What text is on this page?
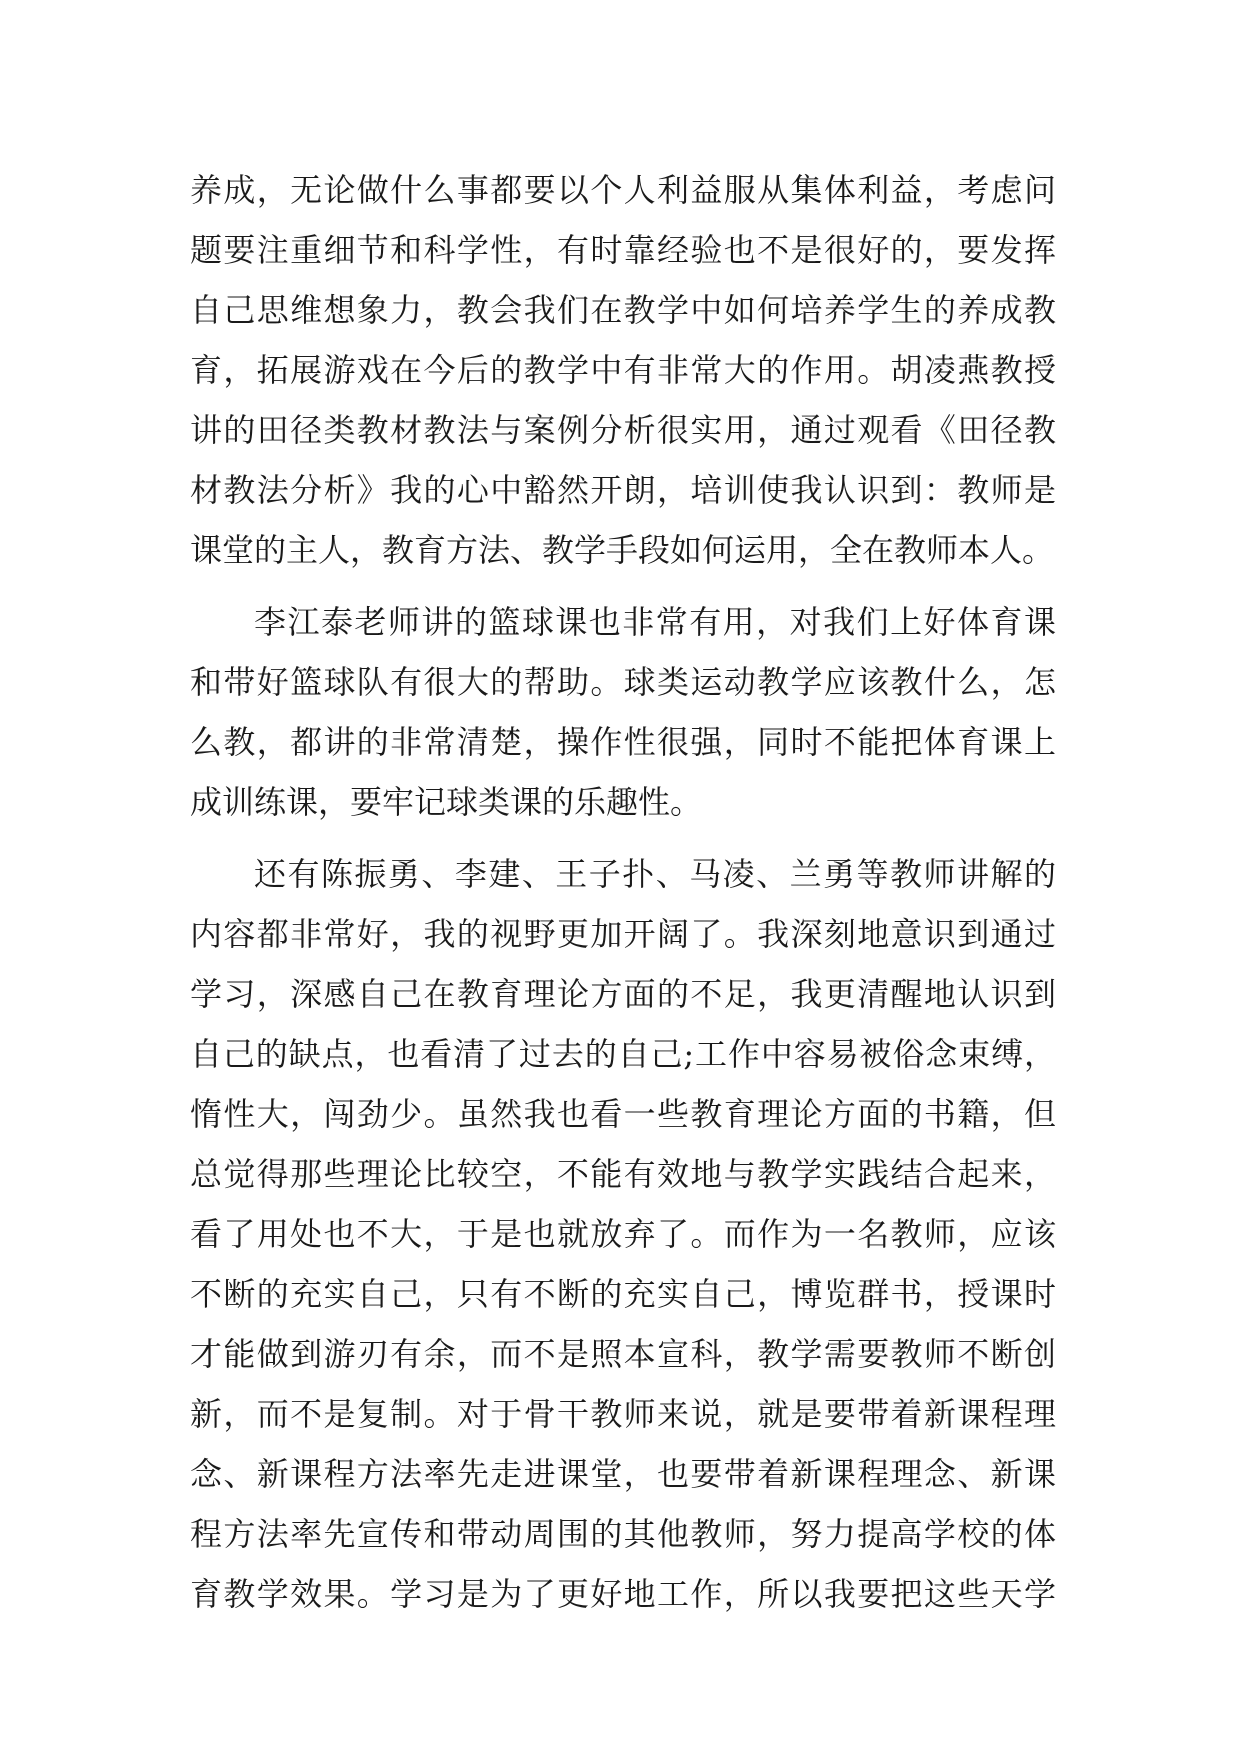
养成，无论做什么事都要以个人利益服从集体利益，考虑问
题要注重细节和科学性，有时靠经验也不是很好的，要发挥
自己思维想象力，教会我们在教学中如何培养学生的养成教
育，拓展游戏在今后的教学中有非常大的作用。胡凌燕教授
讲的田径类教材教法与案例分析很实用，通过观看《田径教
材教法分析》我的心中豁然开朗，培训使我认识到：教师是
课堂的主人，教育方法、教学手段如何运用，全在教师本人。
李江泰老师讲的篮球课也非常有用，对我们上好体育课
和带好篮球队有很大的帮助。球类运动教学应该教什么，怎
么教，都讲的非常清楚，操作性很强，同时不能把体育课上
成训练课，要牢记球类课的乐趣性。
还有陈振勇、李建、王子扑、马凌、兰勇等教师讲解的
内容都非常好，我的视野更加开阔了。我深刻地意识到通过
学习，深感自己在教育理论方面的不足，我更清醒地认识到
自己的缺点，也看清了过去的自己;工作中容易被俗念束缚，
惰性大，闯劲少。虽然我也看一些教育理论方面的书籍，但
总觉得那些理论比较空，不能有效地与教学实践结合起来，
看了用处也不大，于是也就放弃了。而作为一名教师，应该
不断的充实自己，只有不断的充实自己，博览群书，授课时
才能做到游刃有余，而不是照本宣科，教学需要教师不断创
新，而不是复制。对于骨干教师来说，就是要带着新课程理
念、新课程方法率先走进课堂，也要带着新课程理念、新课
程方法率先宣传和带动周围的其他教师，努力提高学校的体
育教学效果。学习是为了更好地工作，所以我要把这些天学
